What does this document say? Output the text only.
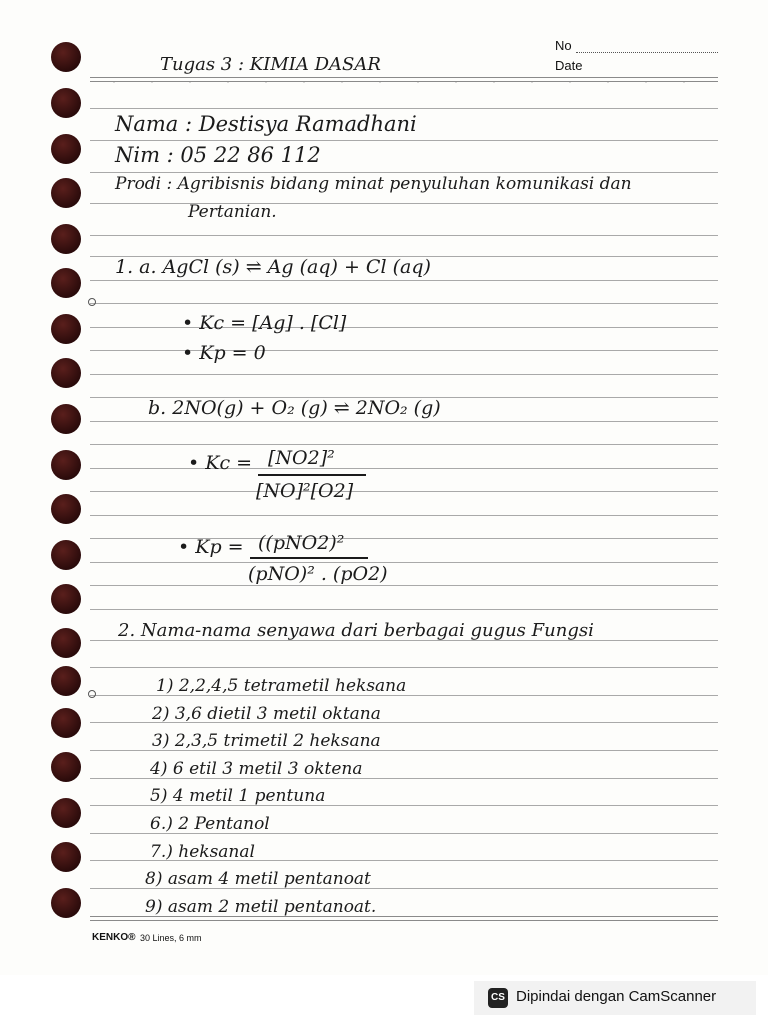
No
Date
Tugas 3 : KIMIA DASAR
Nama : Destisya Ramadhani
Nim : 05 22 86 112
Prodi : Agribisnis bidang minat penyuluhan komunikasi dan
Pertanian.
1. a. AgCl (s) ⇌ Ag (aq) + Cl (aq)
• Kc = [Ag] . [Cl]
• Kp = 0
b. 2NO(g) + O₂ (g) ⇌ 2NO₂ (g)
• Kc = [NO2]²
[NO]²[O2]
• Kp = ((pNO2)²
(pNO)² . (pO2)
2. Nama-nama senyawa dari berbagai gugus Fungsi
1) 2,2,4,5 tetrametil heksana
2) 3,6 dietil 3 metil oktana
3) 2,3,5 trimetil 2 heksana
4) 6 etil 3 metil 3 oktena
5) 4 metil 1 pentuna
6.) 2 Pentanol
7.) heksanal
8) asam 4 metil pentanoat
9) asam 2 metil pentanoat.
KENKO® 30 Lines, 6 mm
CS Dipindai dengan CamScanner
